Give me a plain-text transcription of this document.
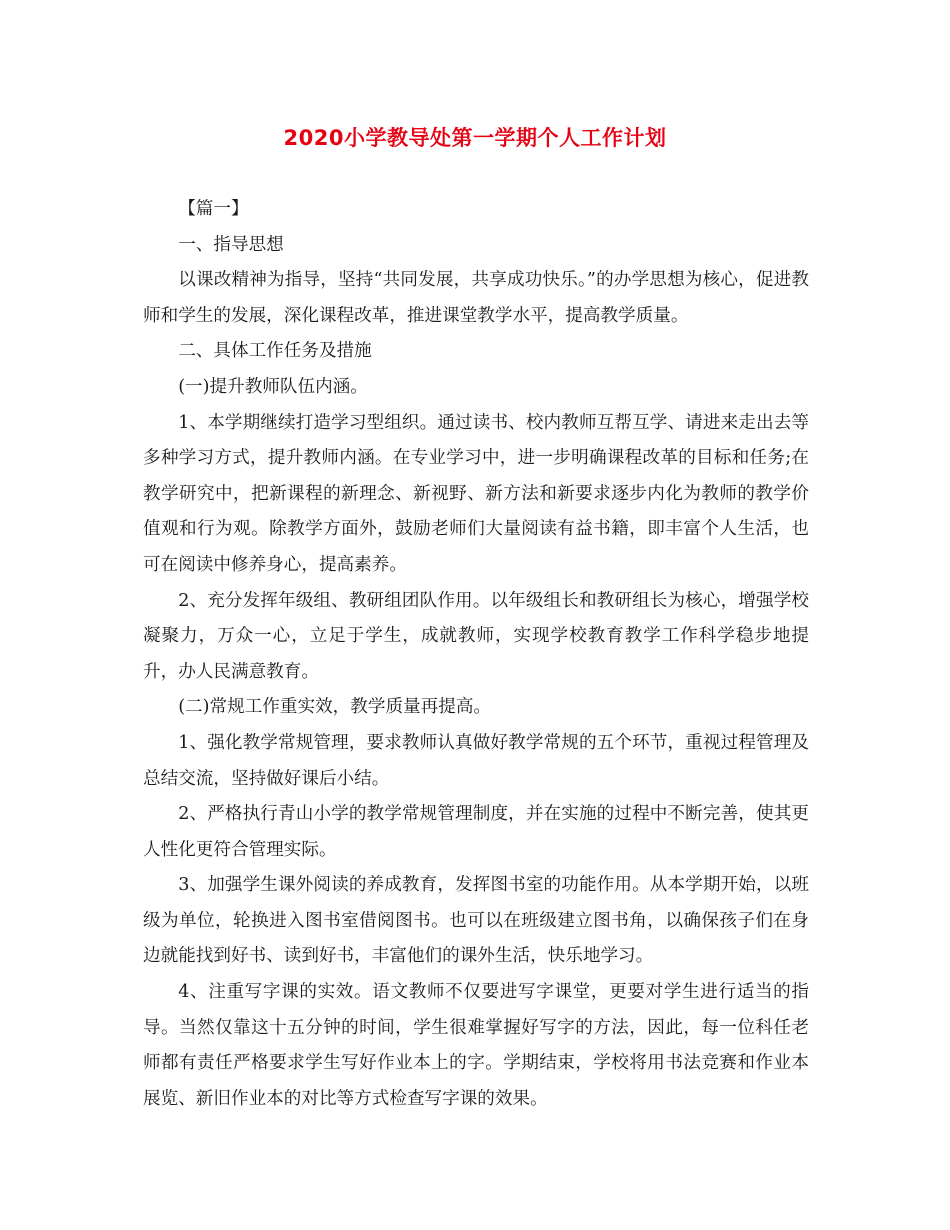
2020小学教导处第一学期个人工作计划

【篇一】

一、指导思想

以课改精神为指导，坚持“共同发展，共享成功快乐。”的办学思想为核心，促进教师和学生的发展，深化课程改革，推进课堂教学水平，提高教学质量。

二、具体工作任务及措施

(一)提升教师队伍内涵。

1、本学期继续打造学习型组织。通过读书、校内教师互帮互学、请进来走出去等多种学习方式，提升教师内涵。在专业学习中，进一步明确课程改革的目标和任务;在教学研究中，把新课程的新理念、新视野、新方法和新要求逐步内化为教师的教学价值观和行为观。除教学方面外，鼓励老师们大量阅读有益书籍，即丰富个人生活，也可在阅读中修养身心，提高素养。

2、充分发挥年级组、教研组团队作用。以年级组长和教研组长为核心，增强学校凝聚力，万众一心，立足于学生，成就教师，实现学校教育教学工作科学稳步地提升，办人民满意教育。

(二)常规工作重实效，教学质量再提高。

1、强化教学常规管理，要求教师认真做好教学常规的五个环节，重视过程管理及总结交流，坚持做好课后小结。

2、严格执行青山小学的教学常规管理制度，并在实施的过程中不断完善，使其更人性化更符合管理实际。

3、加强学生课外阅读的养成教育，发挥图书室的功能作用。从本学期开始，以班级为单位，轮换进入图书室借阅图书。也可以在班级建立图书角，以确保孩子们在身边就能找到好书、读到好书，丰富他们的课外生活，快乐地学习。

4、注重写字课的实效。语文教师不仅要进写字课堂，更要对学生进行适当的指导。当然仅靠这十五分钟的时间，学生很难掌握好写字的方法，因此，每一位科任老师都有责任严格要求学生写好作业本上的字。学期结束，学校将用书法竞赛和作业本展览、新旧作业本的对比等方式检查写字课的效果。
